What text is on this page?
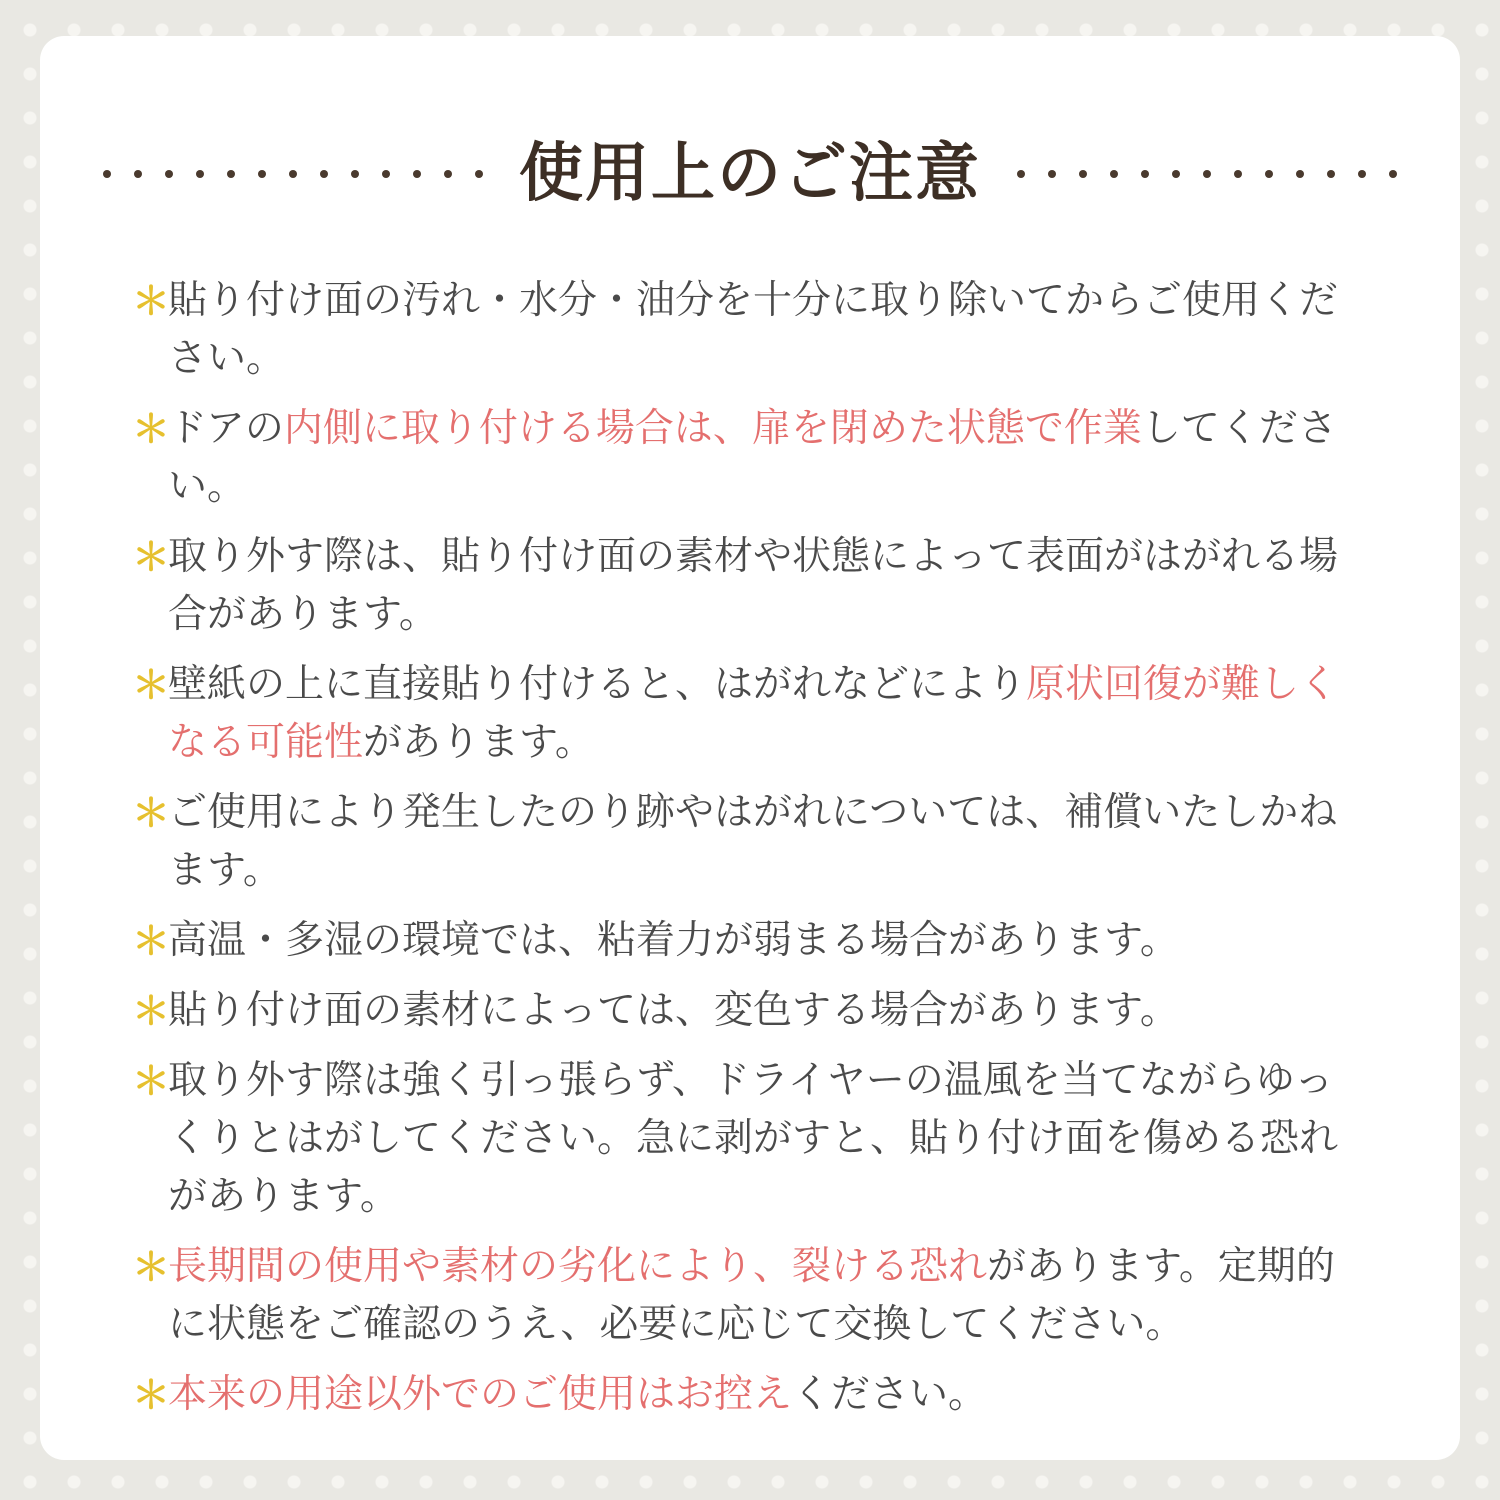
使用上のご注意
＊
貼り付け面の汚れ・水分・油分を十分に取り除いてからご使用ください。
＊
ドアの内側に取り付ける場合は、扉を閉めた状態で作業してください。
＊
取り外す際は、貼り付け面の素材や状態によって表面がはがれる場合があります。
＊
壁紙の上に直接貼り付けると、はがれなどにより原状回復が難しくなる可能性があります。
＊
ご使用により発生したのり跡やはがれについては、補償いたしかねます。
＊
高温・多湿の環境では、粘着力が弱まる場合があります。
＊
貼り付け面の素材によっては、変色する場合があります。
＊
取り外す際は強く引っ張らず、ドライヤーの温風を当てながらゆっくりとはがしてください。急に剥がすと、貼り付け面を傷める恐れがあります。
＊
長期間の使用や素材の劣化により、裂ける恐れがあります。定期的に状態をご確認のうえ、必要に応じて交換してください。
＊
本来の用途以外でのご使用はお控えください。
